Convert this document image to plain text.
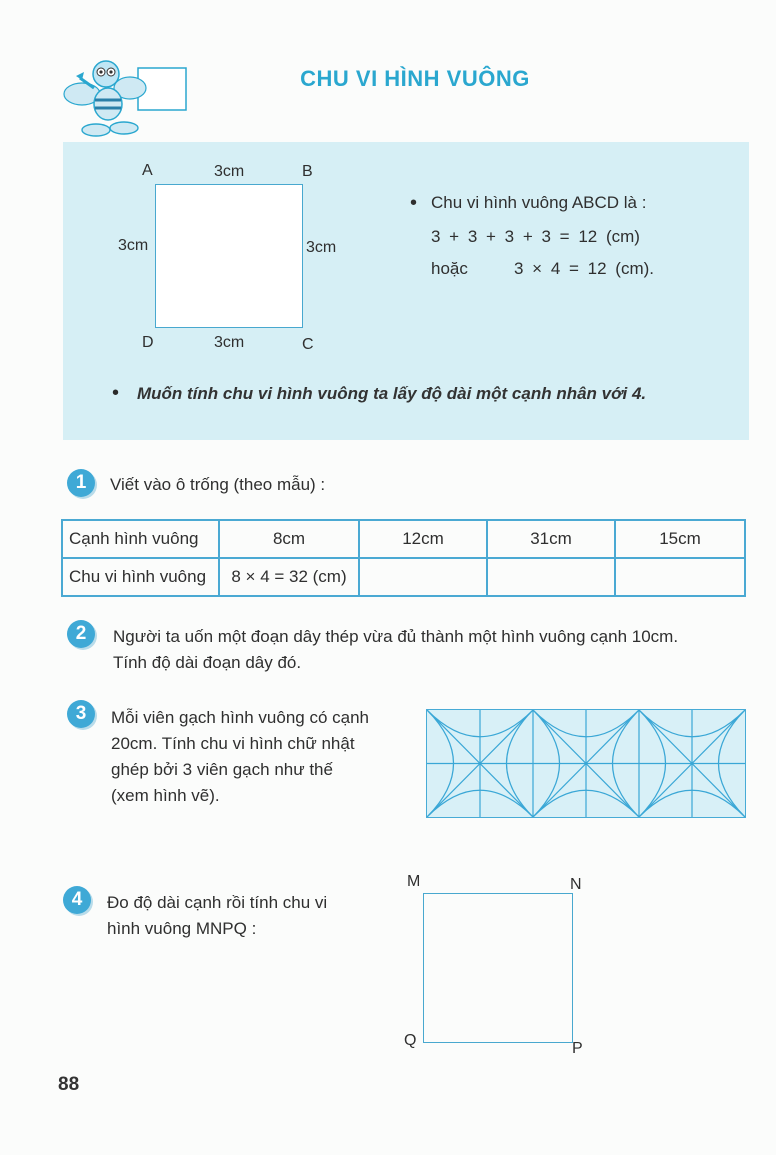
CHU VI HÌNH VUÔNG
A	B
C
D
3cm
3cm
3cm	3cm
• Chu vi hình vuông ABCD là :
3 + 3 + 3 + 3 = 12 (cm)
hoặc	3 × 4 = 12 (cm).
• Muốn tính chu vi hình vuông ta lấy độ dài một cạnh nhân với 4.
1	Viết vào ô trống (theo mẫu) :
Cạnh hình vuông	8cm	12cm	31cm	15cm
Chu vi hình vuông	8 × 4 = 32 (cm)			
2	Người ta uốn một đoạn dây thép vừa đủ thành một hình vuông cạnh 10cm.
Tính độ dài đoạn dây đó.
3	Mỗi viên gạch hình vuông có cạnh
20cm. Tính chu vi hình chữ nhật
ghép bởi 3 viên gạch như thế
(xem hình vẽ).
4	Đo độ dài cạnh rồi tính chu vi
hình vuông MNPQ :
M	N
P
Q
88
